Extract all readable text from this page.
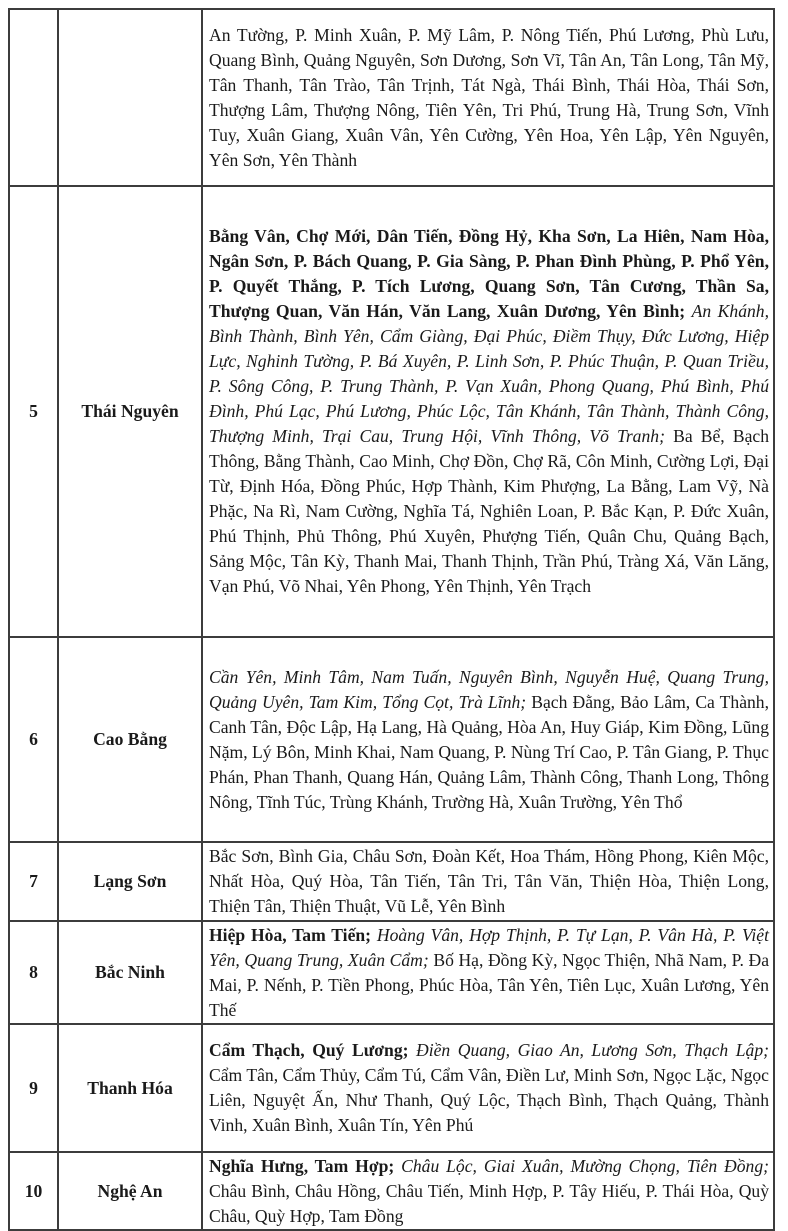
		An Tường, P. Minh Xuân, P. Mỹ Lâm, P. Nông Tiến, Phú Lương, Phù Lưu, Quang Bình, Quảng Nguyên, Sơn Dương, Sơn Vĩ, Tân An, Tân Long, Tân Mỹ, Tân Thanh, Tân Trào, Tân Trịnh, Tát Ngà, Thái Bình, Thái Hòa, Thái Sơn, Thượng Lâm, Thượng Nông, Tiên Yên, Tri Phú, Trung Hà, Trung Sơn, Vĩnh Tuy, Xuân Giang, Xuân Vân, Yên Cường, Yên Hoa, Yên Lập, Yên Nguyên, Yên Sơn, Yên Thành
5	Thái Nguyên	Bằng Vân, Chợ Mới, Dân Tiến, Đồng Hỷ, Kha Sơn, La Hiên, Nam Hòa, Ngân Sơn, P. Bách Quang, P. Gia Sàng, P. Phan Đình Phùng, P. Phổ Yên, P. Quyết Thắng, P. Tích Lương, Quang Sơn, Tân Cương, Thần Sa, Thượng Quan, Văn Hán, Văn Lang, Xuân Dương, Yên Bình; An Khánh, Bình Thành, Bình Yên, Cẩm Giàng, Đại Phúc, Điềm Thụy, Đức Lương, Hiệp Lực, Nghinh Tường, P. Bá Xuyên, P. Linh Sơn, P. Phúc Thuận, P. Quan Triều, P. Sông Công, P. Trung Thành, P. Vạn Xuân, Phong Quang, Phú Bình, Phú Đình, Phú Lạc, Phú Lương, Phúc Lộc, Tân Khánh, Tân Thành, Thành Công, Thượng Minh, Trại Cau, Trung Hội, Vĩnh Thông, Võ Tranh; Ba Bể, Bạch Thông, Bằng Thành, Cao Minh, Chợ Đồn, Chợ Rã, Côn Minh, Cường Lợi, Đại Từ, Định Hóa, Đồng Phúc, Hợp Thành, Kim Phượng, La Bằng, Lam Vỹ, Nà Phặc, Na Rì, Nam Cường, Nghĩa Tá, Nghiên Loan, P. Bắc Kạn, P. Đức Xuân, Phú Thịnh, Phủ Thông, Phú Xuyên, Phượng Tiến, Quân Chu, Quảng Bạch, Sảng Mộc, Tân Kỳ, Thanh Mai, Thanh Thịnh, Trần Phú, Tràng Xá, Văn Lăng, Vạn Phú, Võ Nhai, Yên Phong, Yên Thịnh, Yên Trạch
6	Cao Bằng	Cần Yên, Minh Tâm, Nam Tuấn, Nguyên Bình, Nguyễn Huệ, Quang Trung, Quảng Uyên, Tam Kim, Tổng Cọt, Trà Lĩnh; Bạch Đằng, Bảo Lâm, Ca Thành, Canh Tân, Độc Lập, Hạ Lang, Hà Quảng, Hòa An, Huy Giáp, Kim Đồng, Lũng Nặm, Lý Bôn, Minh Khai, Nam Quang, P. Nùng Trí Cao, P. Tân Giang, P. Thục Phán, Phan Thanh, Quang Hán, Quảng Lâm, Thành Công, Thanh Long, Thông Nông, Tĩnh Túc, Trùng Khánh, Trường Hà, Xuân Trường, Yên Thổ
7	Lạng Sơn	Bắc Sơn, Bình Gia, Châu Sơn, Đoàn Kết, Hoa Thám, Hồng Phong, Kiên Mộc, Nhất Hòa, Quý Hòa, Tân Tiến, Tân Tri, Tân Văn, Thiện Hòa, Thiện Long, Thiện Tân, Thiện Thuật, Vũ Lễ, Yên Bình
8	Bắc Ninh	Hiệp Hòa, Tam Tiến; Hoàng Vân, Hợp Thịnh, P. Tự Lạn, P. Vân Hà, P. Việt Yên, Quang Trung, Xuân Cẩm; Bố Hạ, Đồng Kỳ, Ngọc Thiện, Nhã Nam, P. Đa Mai, P. Nếnh, P. Tiền Phong, Phúc Hòa, Tân Yên, Tiên Lục, Xuân Lương, Yên Thế
9	Thanh Hóa	Cẩm Thạch, Quý Lương; Điền Quang, Giao An, Lương Sơn, Thạch Lập; Cẩm Tân, Cẩm Thủy, Cẩm Tú, Cẩm Vân, Điền Lư, Minh Sơn, Ngọc Lặc, Ngọc Liên, Nguyệt Ấn, Như Thanh, Quý Lộc, Thạch Bình, Thạch Quảng, Thành Vinh, Xuân Bình, Xuân Tín, Yên Phú
10	Nghệ An	Nghĩa Hưng, Tam Hợp; Châu Lộc, Giai Xuân, Mường Chọng, Tiên Đồng; Châu Bình, Châu Hồng, Châu Tiến, Minh Hợp, P. Tây Hiếu, P. Thái Hòa, Quỳ Châu, Quỳ Hợp, Tam Đồng
